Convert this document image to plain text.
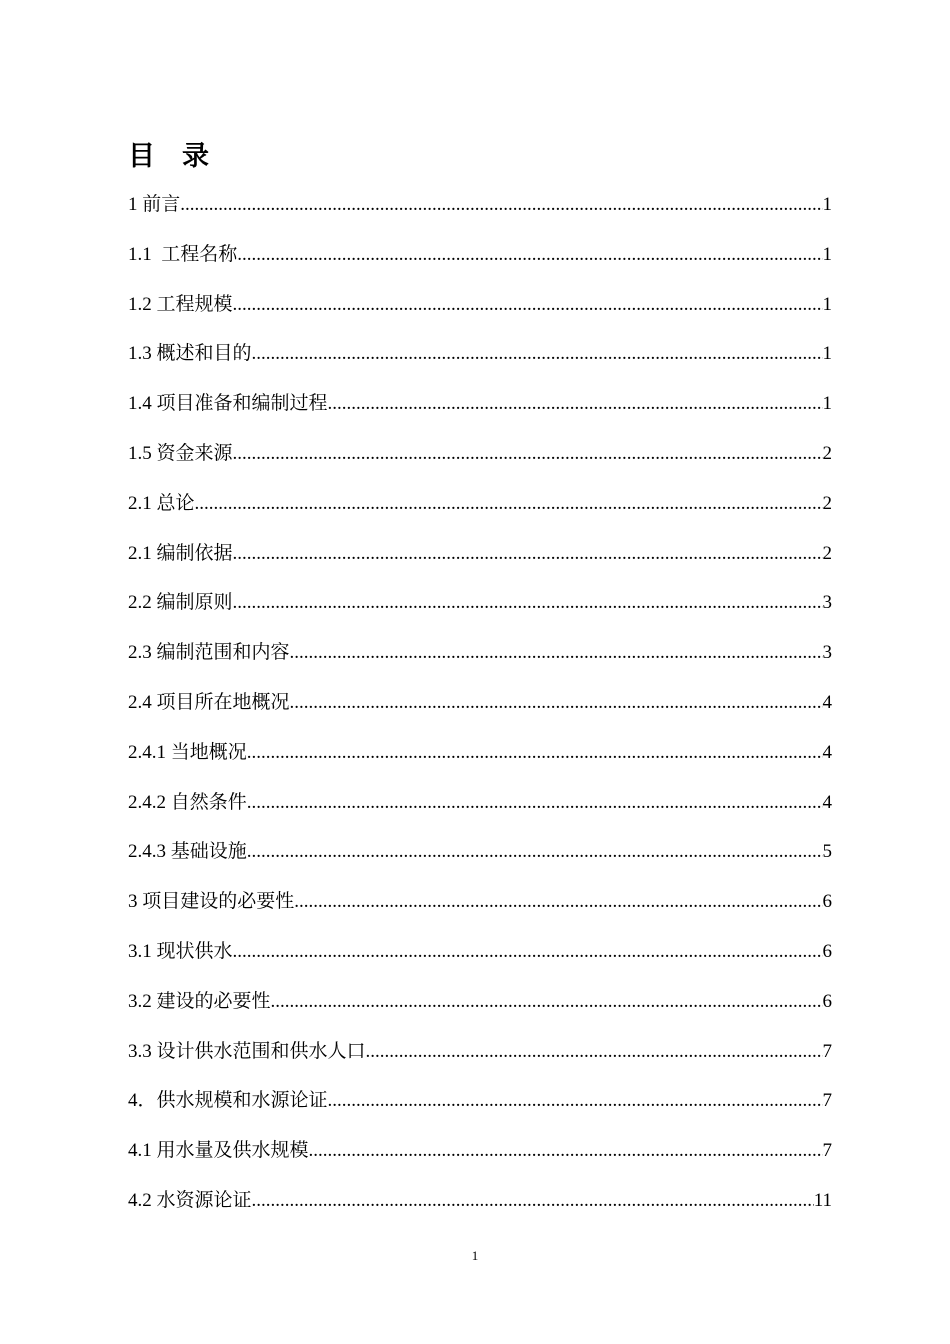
目    录
1 前言 .....	1
1.1  工程名称 .....	1
1.2 工程规模 .....	1
1.3 概述和目的 .....	1
1.4 项目准备和编制过程 .....	1
1.5 资金来源 .....	2
2.1 总论 .....	2
2.1 编制依据 .....	2
2.2 编制原则 .....	3
2.3 编制范围和内容 .....	3
2.4 项目所在地概况 .....	4
2.4.1 当地概况 .....	4
2.4.2 自然条件 .....	4
2.4.3 基础设施 .....	5
3 项目建设的必要性 .....	6
3.1 现状供水 .....	6
3.2 建设的必要性 .....	6
3.3 设计供水范围和供水人口 .....	7
4．供水规模和水源论证 .....	7
4.1 用水量及供水规模 .....	7
4.2 水资源论证 .....	11
1
